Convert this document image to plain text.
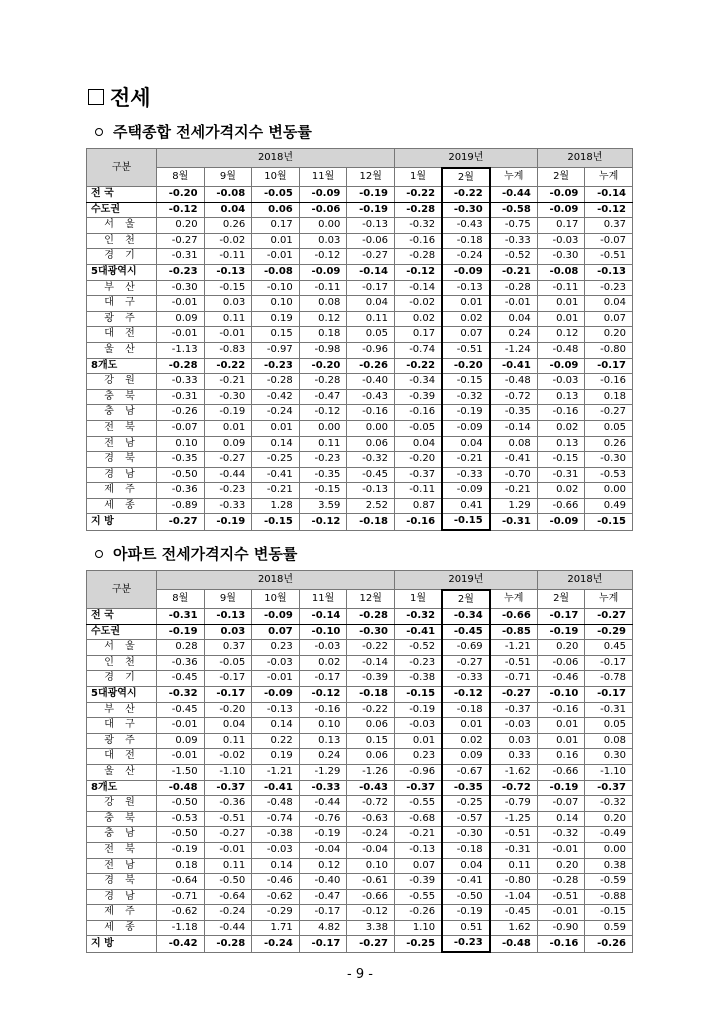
전세
주택종합 전세가격지수 변동률
구분	2018년					2019년			2018년	
	8월	9월	10월	11월	12월	1월	2월	누계	2월	누계
전 국	-0.20	-0.08	-0.05	-0.09	-0.19	-0.22	-0.22	-0.44	-0.09	-0.14
수도권	-0.12	0.04	0.06	-0.06	-0.19	-0.28	-0.30	-0.58	-0.09	-0.12
서 울	0.20	0.26	0.17	0.00	-0.13	-0.32	-0.43	-0.75	0.17	0.37
인 천	-0.27	-0.02	0.01	0.03	-0.06	-0.16	-0.18	-0.33	-0.03	-0.07
경 기	-0.31	-0.11	-0.01	-0.12	-0.27	-0.28	-0.24	-0.52	-0.30	-0.51
5대광역시	-0.23	-0.13	-0.08	-0.09	-0.14	-0.12	-0.09	-0.21	-0.08	-0.13
부 산	-0.30	-0.15	-0.10	-0.11	-0.17	-0.14	-0.13	-0.28	-0.11	-0.23
대 구	-0.01	0.03	0.10	0.08	0.04	-0.02	0.01	-0.01	0.01	0.04
광 주	0.09	0.11	0.19	0.12	0.11	0.02	0.02	0.04	0.01	0.07
대 전	-0.01	-0.01	0.15	0.18	0.05	0.17	0.07	0.24	0.12	0.20
울 산	-1.13	-0.83	-0.97	-0.98	-0.96	-0.74	-0.51	-1.24	-0.48	-0.80
8개도	-0.28	-0.22	-0.23	-0.20	-0.26	-0.22	-0.20	-0.41	-0.09	-0.17
강 원	-0.33	-0.21	-0.28	-0.28	-0.40	-0.34	-0.15	-0.48	-0.03	-0.16
충 북	-0.31	-0.30	-0.42	-0.47	-0.43	-0.39	-0.32	-0.72	0.13	0.18
충 남	-0.26	-0.19	-0.24	-0.12	-0.16	-0.16	-0.19	-0.35	-0.16	-0.27
전 북	-0.07	0.01	0.01	0.00	0.00	-0.05	-0.09	-0.14	0.02	0.05
전 남	0.10	0.09	0.14	0.11	0.06	0.04	0.04	0.08	0.13	0.26
경 북	-0.35	-0.27	-0.25	-0.23	-0.32	-0.20	-0.21	-0.41	-0.15	-0.30
경 남	-0.50	-0.44	-0.41	-0.35	-0.45	-0.37	-0.33	-0.70	-0.31	-0.53
제 주	-0.36	-0.23	-0.21	-0.15	-0.13	-0.11	-0.09	-0.21	0.02	0.00
세 종	-0.89	-0.33	1.28	3.59	2.52	0.87	0.41	1.29	-0.66	0.49
지 방	-0.27	-0.19	-0.15	-0.12	-0.18	-0.16	-0.15	-0.31	-0.09	-0.15
아파트 전세가격지수 변동률
구분	2018년					2019년			2018년	
	8월	9월	10월	11월	12월	1월	2월	누계	2월	누계
전 국	-0.31	-0.13	-0.09	-0.14	-0.28	-0.32	-0.34	-0.66	-0.17	-0.27
수도권	-0.19	0.03	0.07	-0.10	-0.30	-0.41	-0.45	-0.85	-0.19	-0.29
서 울	0.28	0.37	0.23	-0.03	-0.22	-0.52	-0.69	-1.21	0.20	0.45
인 천	-0.36	-0.05	-0.03	0.02	-0.14	-0.23	-0.27	-0.51	-0.06	-0.17
경 기	-0.45	-0.17	-0.01	-0.17	-0.39	-0.38	-0.33	-0.71	-0.46	-0.78
5대광역시	-0.32	-0.17	-0.09	-0.12	-0.18	-0.15	-0.12	-0.27	-0.10	-0.17
부 산	-0.45	-0.20	-0.13	-0.16	-0.22	-0.19	-0.18	-0.37	-0.16	-0.31
대 구	-0.01	0.04	0.14	0.10	0.06	-0.03	0.01	-0.03	0.01	0.05
광 주	0.09	0.11	0.22	0.13	0.15	0.01	0.02	0.03	0.01	0.08
대 전	-0.01	-0.02	0.19	0.24	0.06	0.23	0.09	0.33	0.16	0.30
울 산	-1.50	-1.10	-1.21	-1.29	-1.26	-0.96	-0.67	-1.62	-0.66	-1.10
8개도	-0.48	-0.37	-0.41	-0.33	-0.43	-0.37	-0.35	-0.72	-0.19	-0.37
강 원	-0.50	-0.36	-0.48	-0.44	-0.72	-0.55	-0.25	-0.79	-0.07	-0.32
충 북	-0.53	-0.51	-0.74	-0.76	-0.63	-0.68	-0.57	-1.25	0.14	0.20
충 남	-0.50	-0.27	-0.38	-0.19	-0.24	-0.21	-0.30	-0.51	-0.32	-0.49
전 북	-0.19	-0.01	-0.03	-0.04	-0.04	-0.13	-0.18	-0.31	-0.01	0.00
전 남	0.18	0.11	0.14	0.12	0.10	0.07	0.04	0.11	0.20	0.38
경 북	-0.64	-0.50	-0.46	-0.40	-0.61	-0.39	-0.41	-0.80	-0.28	-0.59
경 남	-0.71	-0.64	-0.62	-0.47	-0.66	-0.55	-0.50	-1.04	-0.51	-0.88
제 주	-0.62	-0.24	-0.29	-0.17	-0.12	-0.26	-0.19	-0.45	-0.01	-0.15
세 종	-1.18	-0.44	1.71	4.82	3.38	1.10	0.51	1.62	-0.90	0.59
지 방	-0.42	-0.28	-0.24	-0.17	-0.27	-0.25	-0.23	-0.48	-0.16	-0.26
- 9 -
